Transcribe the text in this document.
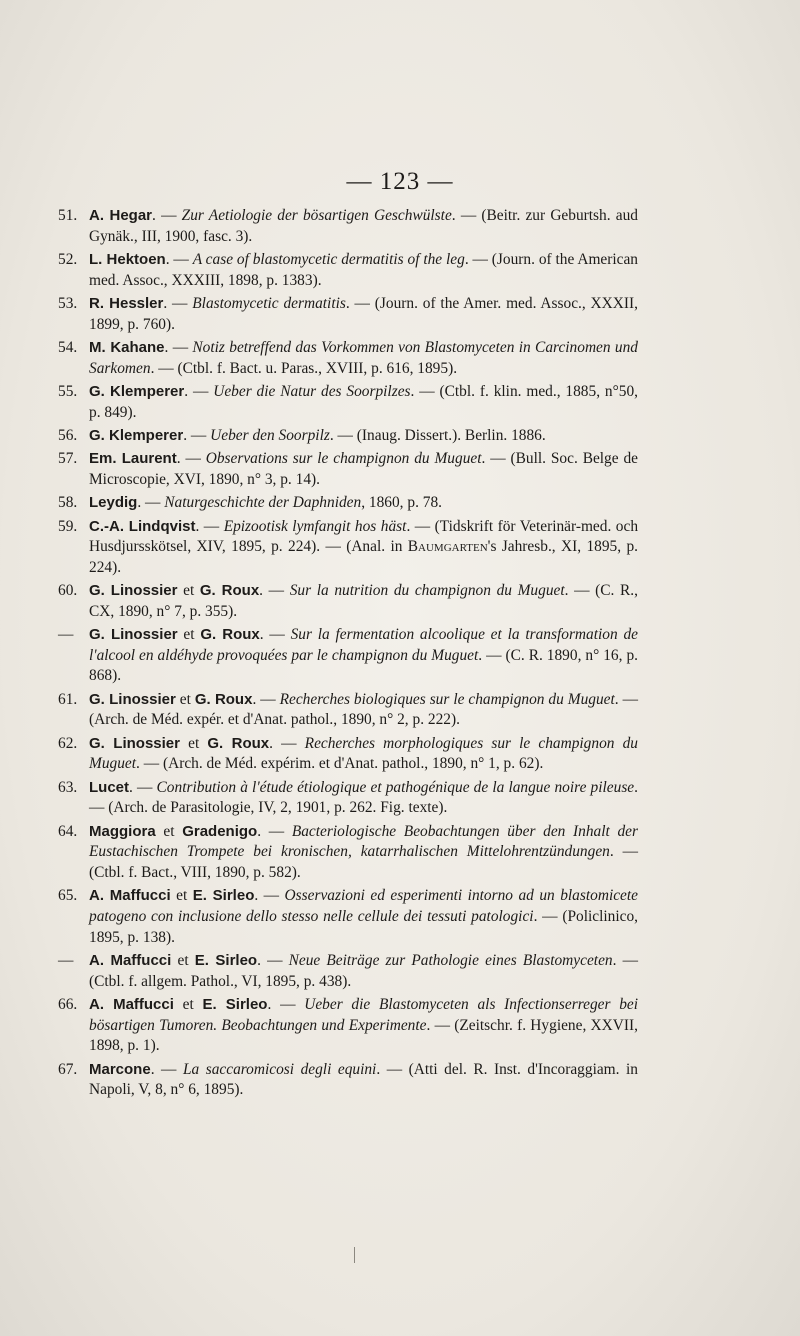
— 123 —
51. A. Hegar. — Zur Aetiologie der bösartigen Geschwülste. — (Beitr. zur Geburtsh. aud Gynäk., III, 1900, fasc. 3).
52. L. Hektoen. — A case of blastomycetic dermatitis of the leg. — (Journ. of the American med. Assoc., XXXIII, 1898, p. 1383).
53. R. Hessler. — Blastomycetic dermatitis. — (Journ. of the Amer. med. Assoc., XXXII, 1899, p. 760).
54. M. Kahane. — Notiz betreffend das Vorkommen von Blastomyceten in Carcinomen und Sarkomen. — (Ctbl. f. Bact. u. Paras., XVIII, p. 616, 1895).
55. G. Klemperer. — Ueber die Natur des Soorpilzes. — (Ctbl. f. klin. med., 1885, n°50, p. 849).
56. G. Klemperer. — Ueber den Soorpilz. — (Inaug. Dissert.). Berlin. 1886.
57. Em. Laurent. — Observations sur le champignon du Muguet. — (Bull. Soc. Belge de Microscopie, XVI, 1890, n° 3, p. 14).
58. Leydig. — Naturgeschichte der Daphniden, 1860, p. 78.
59. C.-A. Lindqvist. — Epizootisk lymfangit hos häst. — (Tidskrift för Veterinär-med. och Husdjursskötsel, XIV, 1895, p. 224). — (Anal. in Baumgarten's Jahresb., XI, 1895, p. 224).
60. G. Linossier et G. Roux. — Sur la nutrition du champignon du Muguet. — (C. R., CX, 1890, n° 7, p. 355).
— G. Linossier et G. Roux. — Sur la fermentation alcoolique et la transformation de l'alcool en aldéhyde provoquées par le champignon du Muguet. — (C. R. 1890, n° 16, p. 868).
61. G. Linossier et G. Roux. — Recherches biologiques sur le champignon du Muguet. — (Arch. de Méd. expér. et d'Anat. pathol., 1890, n° 2, p. 222).
62. G. Linossier et G. Roux. — Recherches morphologiques sur le champignon du Muguet. — (Arch. de Méd. expérim. et d'Anat. pathol., 1890, n° 1, p. 62).
63. Lucet. — Contribution à l'étude étiologique et pathogénique de la langue noire pileuse. — (Arch. de Parasitologie, IV, 2, 1901, p. 262. Fig. texte).
64. Maggiora et Gradenigo. — Bacteriologische Beobachtungen über den Inhalt der Eustachischen Trompete bei kronischen, katarrhalischen Mittelohrentzündungen. — (Ctbl. f. Bact., VIII, 1890, p. 582).
65. A. Maffucci et E. Sirleo. — Osservazioni ed esperimenti intorno ad un blastomicete patogeno con inclusione dello stesso nelle cellule dei tessuti patologici. — (Policlinico, 1895, p. 138).
— A. Maffucci et E. Sirleo. — Neue Beiträge zur Pathologie eines Blastomyceten. — (Ctbl. f. allgem. Pathol., VI, 1895, p. 438).
66. A. Maffucci et E. Sirleo. — Ueber die Blastomyceten als Infectionserreger bei bösartigen Tumoren. Beobachtungen und Experimente. — (Zeitschr. f. Hygiene, XXVII, 1898, p. 1).
67. Marcone. — La saccaromicosi degli equini. — (Atti del. R. Inst. d'Incoraggiam. in Napoli, V, 8, n° 6, 1895).
